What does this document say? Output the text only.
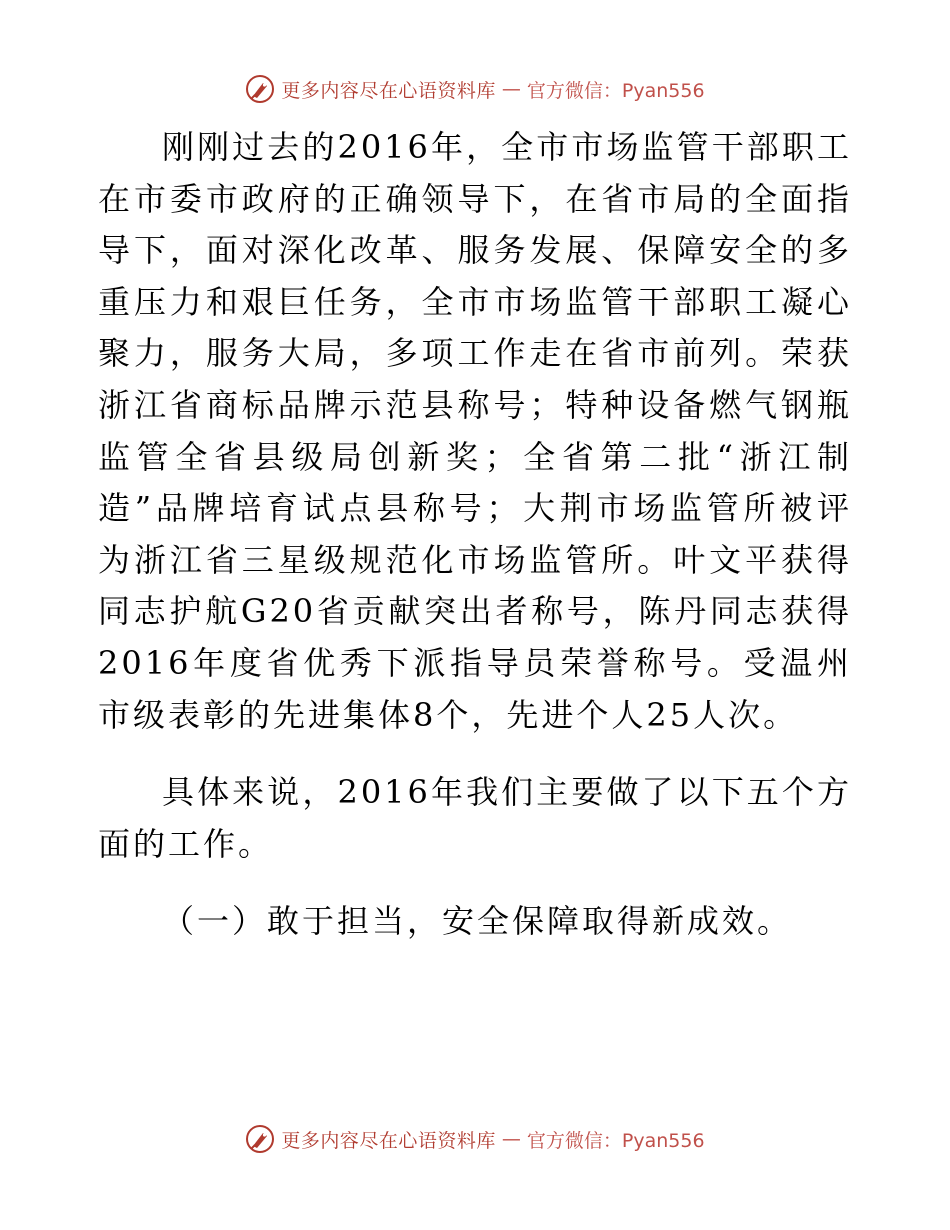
更多内容尽在心语资料库 — 官方微信：Pyan556

刚刚过去的2016年，全市市场监管干部职工在市委市政府的正确领导下，在省市局的全面指导下，面对深化改革、服务发展、保障安全的多重压力和艰巨任务，全市市场监管干部职工凝心聚力，服务大局，多项工作走在省市前列。荣获浙江省商标品牌示范县称号；特种设备燃气钢瓶监管全省县级局创新奖；全省第二批“浙江制造”品牌培育试点县称号；大荆市场监管所被评为浙江省三星级规范化市场监管所。叶文平获得同志护航G20省贡献突出者称号，陈丹同志获得2016年度省优秀下派指导员荣誉称号。受温州市级表彰的先进集体8个，先进个人25人次。

具体来说，2016年我们主要做了以下五个方面的工作。

（一）敢于担当，安全保障取得新成效。

更多内容尽在心语资料库 — 官方微信：Pyan556
